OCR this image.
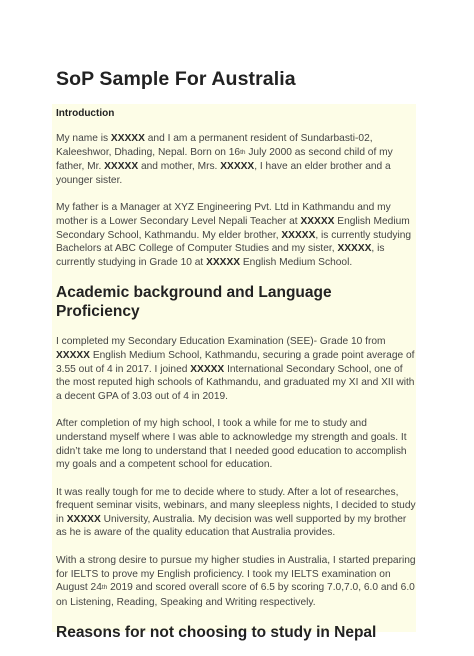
SoP Sample For Australia
Introduction

My name is XXXXX and I am a permanent resident of Sundarbasti-02, Kaleeshwor, Dhading, Nepal. Born on 16th July 2000 as second child of my father, Mr. XXXXX and mother, Mrs. XXXXX, I have an elder brother and a younger sister.

My father is a Manager at XYZ Engineering Pvt. Ltd in Kathmandu and my mother is a Lower Secondary Level Nepali Teacher at XXXXX English Medium Secondary School, Kathmandu. My elder brother, XXXXX, is currently studying Bachelors at ABC College of Computer Studies and my sister, XXXXX, is currently studying in Grade 10 at XXXXX English Medium School.

Academic background and Language Proficiency

I completed my Secondary Education Examination (SEE)- Grade 10 from XXXXX English Medium School, Kathmandu, securing a grade point average of 3.55 out of 4 in 2017. I joined XXXXX International Secondary School, one of the most reputed high schools of Kathmandu, and graduated my XI and XII with a decent GPA of 3.03 out of 4 in 2019.

After completion of my high school, I took a while for me to study and understand myself where I was able to acknowledge my strength and goals. It didn’t take me long to understand that I needed good education to accomplish my goals and a competent school for education.

It was really tough for me to decide where to study. After a lot of researches, frequent seminar visits, webinars, and many sleepless nights, I decided to study in XXXXX University, Australia. My decision was well supported by my brother as he is aware of the quality education that Australia provides.

With a strong desire to pursue my higher studies in Australia, I started preparing for IELTS to prove my English proficiency. I took my IELTS examination on August 24th 2019 and scored overall score of 6.5 by scoring 7.0,7.0, 6.0 and 6.0 on Listening, Reading, Speaking and Writing respectively.

Reasons for not choosing to study in Nepal
